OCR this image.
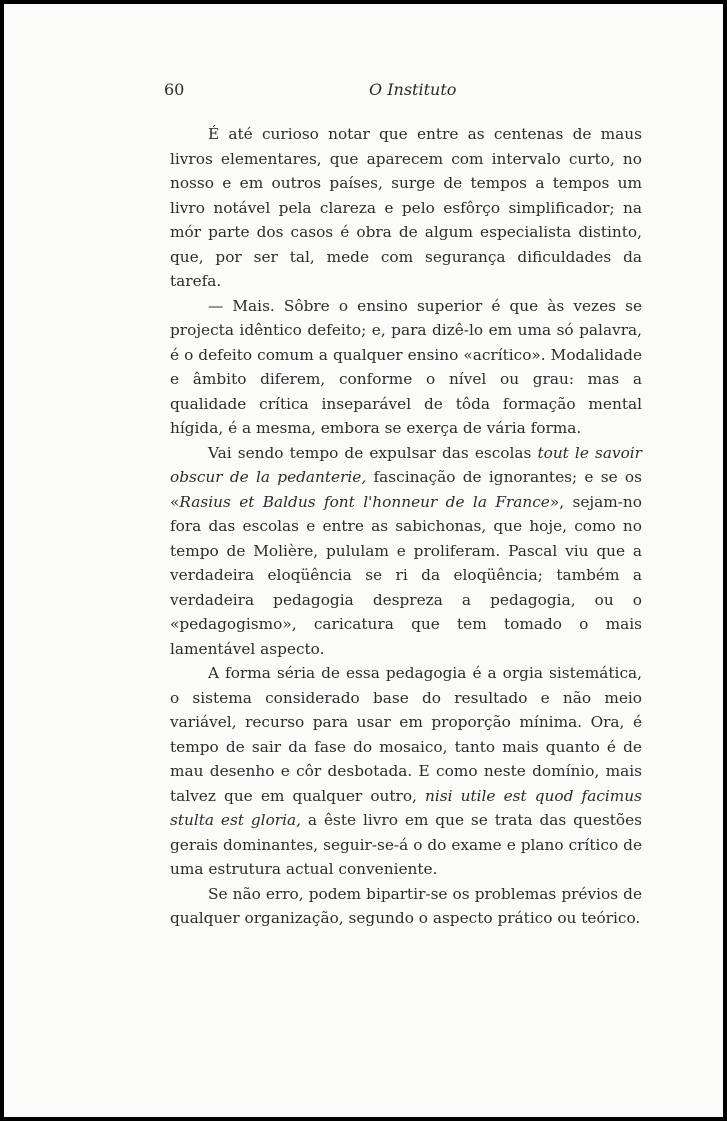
60	O Instituto

É até curioso notar que entre as centenas de maus livros elementares, que aparecem com intervalo curto, no nosso e em outros países, surge de tempos a tempos um livro notável pela clareza e pelo esfôrço simplificador; na mór parte dos casos é obra de algum especialista distinto, que, por ser tal, mede com segurança dificuldades da tarefa.

— Mais. Sôbre o ensino superior é que às vezes se projecta idêntico defeito; e, para dizê-lo em uma só palavra, é o defeito comum a qualquer ensino «acrítico». Modalidade e âmbito diferem, conforme o nível ou grau: mas a qualidade crítica inseparável de tôda formação mental hígida, é a mesma, embora se exerça de vária forma.

Vai sendo tempo de expulsar das escolas tout le savoir obscur de la pedanterie, fascinação de ignorantes; e se os «Rasius et Baldus font l'honneur de la France», sejam-no fora das escolas e entre as sabichonas, que hoje, como no tempo de Molière, pululam e proliferam. Pascal viu que a verdadeira eloqüência se ri da eloqüência; também a verdadeira pedagogia despreza a pedagogia, ou o «pedagogismo», caricatura que tem tomado o mais lamentável aspecto.

A forma séria de essa pedagogia é a orgia sistemática, o sistema considerado base do resultado e não meio variável, recurso para usar em proporção mínima. Ora, é tempo de sair da fase do mosaico, tanto mais quanto é de mau desenho e côr desbotada. E como neste domínio, mais talvez que em qualquer outro, nisi utile est quod facimus stulta est gloria, a êste livro em que se trata das questões gerais dominantes, seguir-se-á o do exame e plano crítico de uma estrutura actual conveniente.

Se não erro, podem bipartir-se os problemas prévios de qualquer organização, segundo o aspecto prático ou teórico.
